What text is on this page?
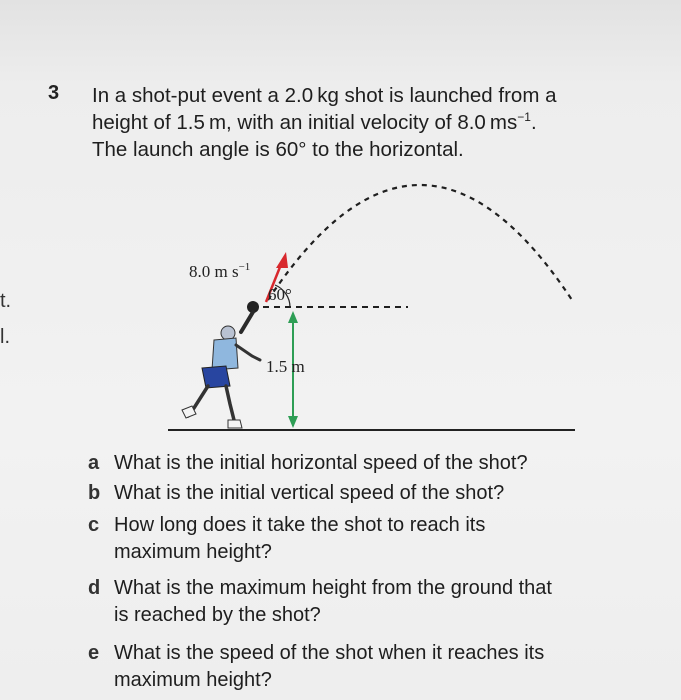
t.
l.
3 In a shot-put event a 2.0 kg shot is launched from a
height of 1.5 m, with an initial velocity of 8.0 $ms^{-1}$.
The launch angle is 60° to the horizontal.
8.0 m $s^{-1}$
60°
1.5 m
a What is the initial horizontal speed of the shot?
b What is the initial vertical speed of the shot?
c How long does it take the shot to reach its
maximum height?
d What is the maximum height from the ground that
is reached by the shot?
e What is the speed of the shot when it reaches its
maximum height?
